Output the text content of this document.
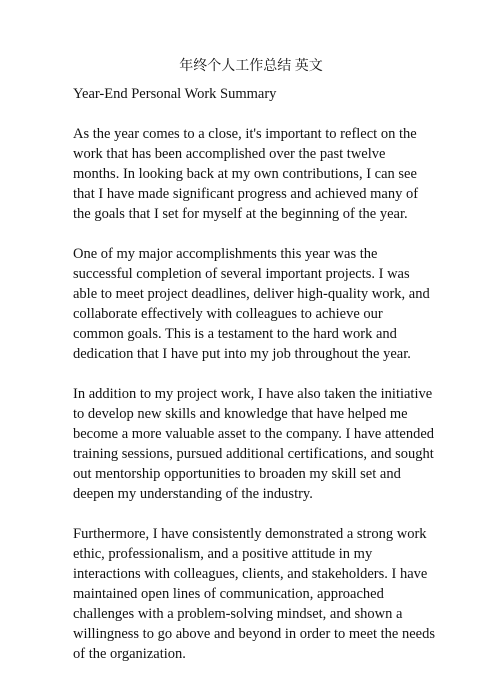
年终个人工作总结 英文

Year-End Personal Work Summary

As the year comes to a close, it's important to reflect on the work that has been accomplished over the past twelve months. In looking back at my own contributions, I can see that I have made significant progress and achieved many of the goals that I set for myself at the beginning of the year.

One of my major accomplishments this year was the successful completion of several important projects. I was able to meet project deadlines, deliver high-quality work, and collaborate effectively with colleagues to achieve our common goals. This is a testament to the hard work and dedication that I have put into my job throughout the year.

In addition to my project work, I have also taken the initiative to develop new skills and knowledge that have helped me become a more valuable asset to the company. I have attended training sessions, pursued additional certifications, and sought out mentorship opportunities to broaden my skill set and deepen my understanding of the industry.

Furthermore, I have consistently demonstrated a strong work ethic, professionalism, and a positive attitude in my interactions with colleagues, clients, and stakeholders. I have maintained open lines of communication, approached challenges with a problem-solving mindset, and shown a willingness to go above and beyond in order to meet the needs of the organization.
